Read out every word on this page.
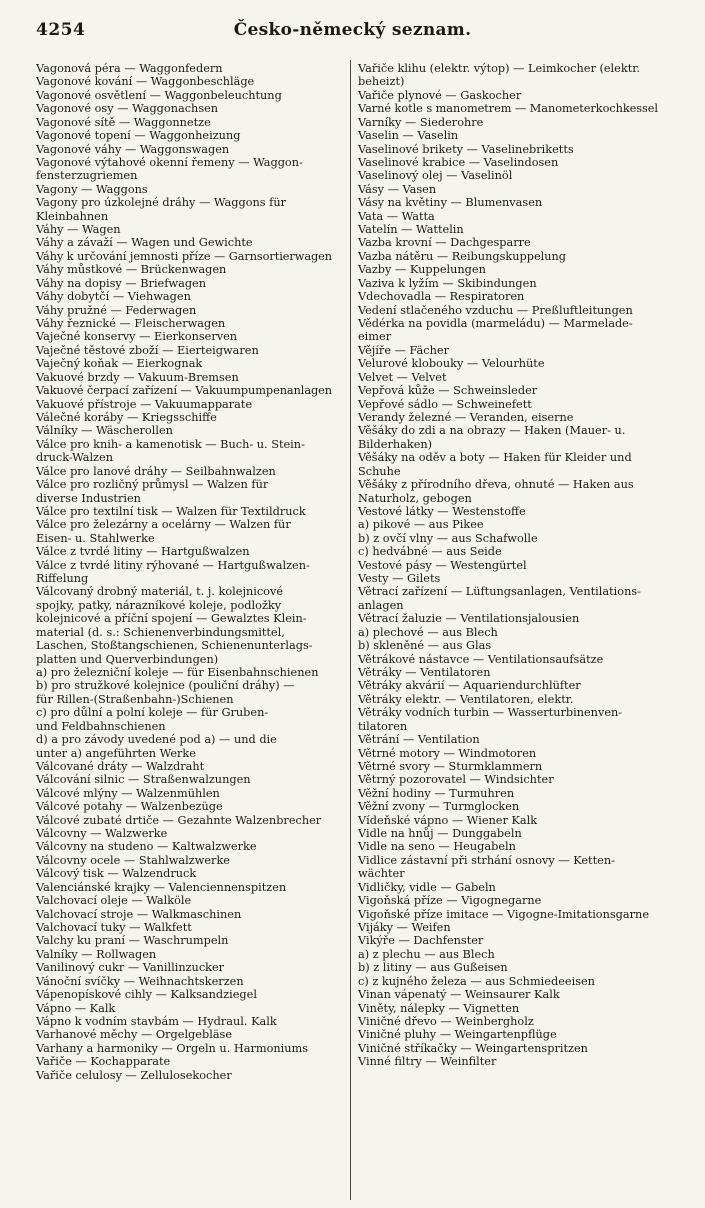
4254	Česko-německý seznam.
Vagonová péra — Waggonfedern
Vagonové kování — Waggonbeschläge
Vagonové osvětlení — Waggonbeleuchtung
Vagonové osy — Waggonachsen
Vagonové sítě — Waggonnetze
Vagonové topení — Waggonheizung
Vagonové váhy — Waggonswagen
Vagonové výtahové okenní řemeny — Waggon-
fensterzugriemen
Vagony — Waggons
Vagony pro úzkolejné dráhy — Waggons für
Kleinbahnen
Váhy — Wagen
Váhy a závaží — Wagen und Gewichte
Váhy k určování jemnosti příze — Garnsortierwagen
Váhy můstkové — Brückenwagen
Váhy na dopisy — Briefwagen
Váhy dobytčí — Viehwagen
Váhy pružné — Federwagen
Váhy řeznické — Fleischerwagen
Vaječné konservy — Eierkonserven
Vaječné těstové zboží — Eierteigwaren
Vaječný koňak — Eierkognak
Vakuové brzdy — Vakuum-Bremsen
Vakuové čerpací zařízení — Vakuumpumpenanlagen
Vakuové přístroje — Vakuumapparate
Válečné koráby — Kriegsschiffe
Válníky — Wäscherollen
Válce pro knih- a kamenotisk — Buch- u. Stein-
druck-Walzen
Válce pro lanové dráhy — Seilbahnwalzen
Válce pro rozličný průmysl — Walzen für
diverse Industrien
Válce pro textilní tisk — Walzen für Textildruck
Válce pro železárny a ocelárny — Walzen für
Eisen- u. Stahlwerke
Válce z tvrdé litiny — Hartgußwalzen
Válce z tvrdé litiny rýhované — Hartgußwalzen-
Riffelung
Válcovaný drobný materiál, t. j. kolejnicové
spojky, patky, nárazníkové koleje, podložky
kolejnicové a příční spojení — Gewalztes Klein-
material (d. s.: Schienenverbindungsmittel,
Laschen, Stoßtangschienen, Schienenunterlags-
platten und Querverbindungen)
a) pro železniční koleje — für Eisenbahnschienen
b) pro stružkové kolejnice (pouliční dráhy) —
für Rillen-(Straßenbahn-)Schienen
c) pro důlní a polní koleje — für Gruben-
und Feldbahnschienen
d) a pro závody uvedené pod a) — und die
unter a) angeführten Werke
Válcované dráty — Walzdraht
Válcování silnic — Straßenwalzungen
Válcové mlýny — Walzenmühlen
Válcové potahy — Walzenbezüge
Válcové zubaté drtiče — Gezahnte Walzenbrecher
Válcovny — Walzwerke
Válcovny na studeno — Kaltwalzwerke
Válcovny ocele — Stahlwalzwerke
Válcový tisk — Walzendruck
Valenciánské krajky — Valenciennenspitzen
Valchovací oleje — Walköle
Valchovací stroje — Walkmaschinen
Valchovací tuky — Walkfett
Valchy ku praní — Waschrumpeln
Valníky — Rollwagen
Vanilinový cukr — Vanillinzucker
Vánoční svíčky — Weihnachtskerzen
Vápenopískové cihly — Kalksandziegel
Vápno — Kalk
Vápno k vodním stavbám — Hydraul. Kalk
Varhanové měchy — Orgelgebläse
Varhany a harmoniky — Orgeln u. Harmoniums
Vařiče — Kochapparate
Vařiče celulosy — Zellulosekocher
Vařiče klihu (elektr. výtop) — Leimkocher (elektr.
beheizt)
Vařiče plynové — Gaskocher
Varné kotle s manometrem — Manometerkochkessel
Varníky — Siederohre
Vaselin — Vaselin
Vaselinové brikety — Vaselinebriketts
Vaselinové krabice — Vaselindosen
Vaselinový olej — Vaselinöl
Vásy — Vasen
Vásy na květiny — Blumenvasen
Vata — Watta
Vatelín — Wattelin
Vazba krovní — Dachgesparre
Vazba nátěru — Reibungskuppelung
Vazby — Kuppelungen
Vaziva k lyžím — Skibindungen
Vdechovadla — Respiratoren
Vedení stlačeného vzduchu — Preßluftleitungen
Vědérka na povidla (marmeládu) — Marmelade-
eimer
Vějíře — Fächer
Velurové klobouky — Velourhüte
Velvet — Velvet
Vepřová kůže — Schweinsleder
Vepřové sádlo — Schweinefett
Verandy železné — Veranden, eiserne
Věšáky do zdi a na obrazy — Haken (Mauer- u.
Bilderhaken)
Věšáky na oděv a boty — Haken für Kleider und
Schuhe
Věšáky z přírodního dřeva, ohnuté — Haken aus
Naturholz, gebogen
Vestové látky — Westenstoffe
a) pikové — aus Pikee
b) z ovčí vlny — aus Schafwolle
c) hedvábné — aus Seide
Vestové pásy — Westengürtel
Vesty — Gilets
Větrací zařízení — Lüftungsanlagen, Ventilations-
anlagen
Větrací žaluzie — Ventilationsjalousien
a) plechové — aus Blech
b) skleněné — aus Glas
Větrákové nástavce — Ventilationsaufsätze
Větráky — Ventilatoren
Větráky akvárií — Aquariendurchlüfter
Větráky elektr. — Ventilatoren, elektr.
Větráky vodních turbin — Wasserturbinenven-
tilatoren
Větrání — Ventilation
Větrné motory — Windmotoren
Větrné svory — Sturmklammern
Větrný pozorovatel — Windsichter
Věžní hodiny — Turmuhren
Věžní zvony — Turmglocken
Vídeňské vápno — Wiener Kalk
Vidle na hnůj — Dunggabeln
Vidle na seno — Heugabeln
Vidlice zástavní při strhání osnovy — Ketten-
wächter
Vidličky, vidle — Gabeln
Vigoňská příze — Vigognegarne
Vigoňské příze imitace — Vigogne-Imitationsgarne
Vijáky — Weifen
Vikýře — Dachfenster
a) z plechu — aus Blech
b) z litiny — aus Gußeisen
c) z kujného železa — aus Schmiedeeisen
Vinan vápenatý — Weinsaurer Kalk
Viněty, nálepky — Vignetten
Viničné dřevo — Weinbergholz
Viničné pluhy — Weingartenpflüge
Viničné stříkačky — Weingartenspritzen
Vinné filtry — Weinfilter
